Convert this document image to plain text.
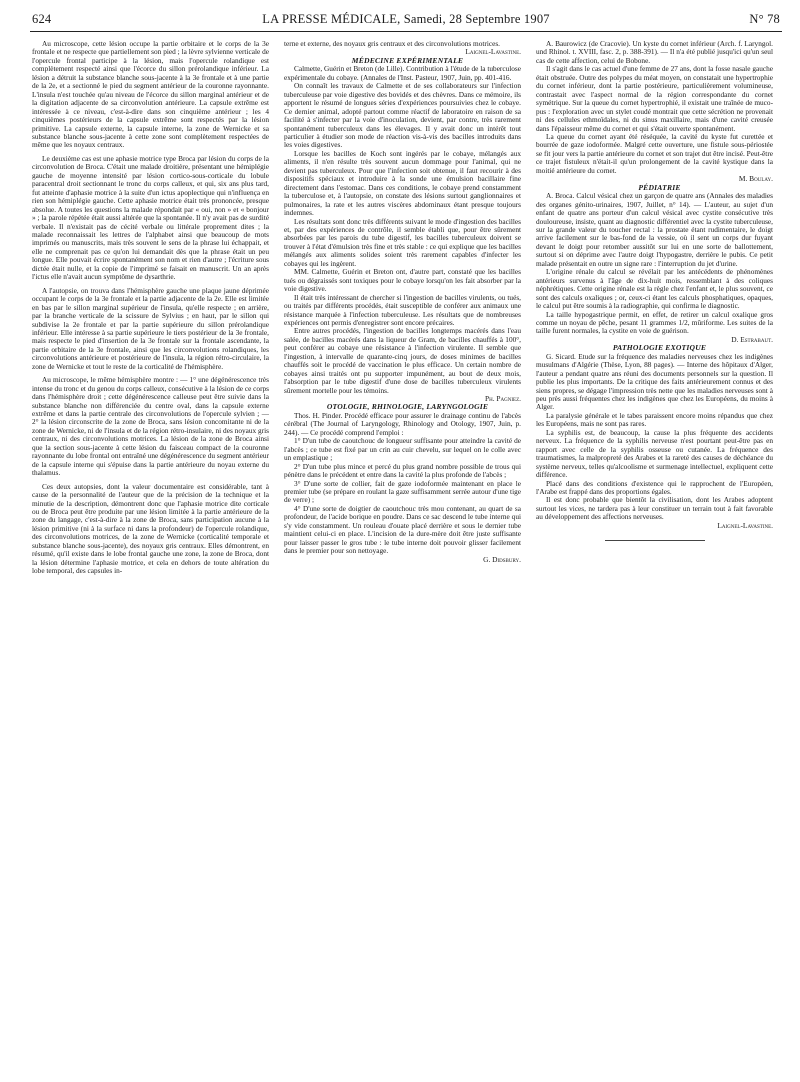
624	LA PRESSE MÉDICALE, Samedi, 28 Septembre 1907	N° 78

Au microscope, cette lésion occupe la partie orbitaire et le corps de la 3e frontale et ne respecte que partiellement son pied ; la lèvre sylvienne verticale de l'opercule frontal participe à la lésion, mais l'opercule rolandique est complètement respecté ainsi que l'écorce du sillon prérolandique inférieur. La lésion a détruit la substance blanche sous-jacente à la 3e frontale et à une partie de la 2e, et a sectionné le pied du segment antérieur de la couronne rayonnante. L'insula n'est touchée qu'au niveau de l'écorce du sillon marginal antérieur et de la digitation adjacente de sa circonvolution antérieure. La capsule extrême est intéressée à ce niveau, c'est-à-dire dans son cinquième antérieur ; les 4 cinquièmes postérieurs de la capsule extrême sont respectés par la lésion primitive. La capsule externe, la capsule interne, la zone de Wernicke et sa substance blanche sous-jacente à cette zone sont complètement respectées de même que les noyaux centraux.

Le deuxième cas est une aphasie motrice type Broca par lésion du corps de la circonvolution de Broca. C'était une malade droitière, présentant une hémiplégie gauche de moyenne intensité par lésion cortico-sous-corticale du lobule paracentral droit sectionnant le tronc du corps calleux, et qui, six ans plus tard, fut atteinte d'aphasie motrice à la suite d'un ictus apoplectique qui n'influença en rien son hémiplégie gauche. Cette aphasie motrice était très prononcée, presque absolue. A toutes les questions la malade répondait par « oui, non » et « bonjour » ; la parole répétée était aussi altérée que la spontanée. Il n'y avait pas de surdité verbale. Il n'existait pas de cécité verbale ou littérale proprement dites ; la malade reconnaissait les lettres de l'alphabet ainsi que beaucoup de mots imprimés ou manuscrits, mais très souvent le sens de la phrase lui échappait, et elle ne comprenait pas ce qu'on lui demandait dès que la phrase était un peu longue. Elle pouvait écrire spontanément son nom et rien d'autre ; l'écriture sous dictée était nulle, et la copie de l'imprimé se faisait en manuscrit. Un an après l'ictus elle n'avait aucun symptôme de dysarthrie.

A l'autopsie, on trouva dans l'hémisphère gauche une plaque jaune déprimée occupant le corps de la 3e frontale et la partie adjacente de la 2e. Elle est limitée en bas par le sillon marginal supérieur de l'insula, qu'elle respecte ; en arrière, par la branche verticale de la scissure de Sylvius ; en haut, par le sillon qui subdivise la 2e frontale et par la partie supérieure du sillon prérolandique inférieur. Elle intéresse à sa partie supérieure le tiers postérieur de la 3e frontale, mais respecte le pied d'insertion de la 3e frontale sur la frontale ascendante, la partie orbitaire de la 3e frontale, ainsi que les circonvolutions rolandiques, les circonvolutions antérieure et postérieure de l'insula, la région rétro-circulaire, la zone de Wernicke et tout le reste de la corticalité de l'hémisphère.

Au microscope, le même hémisphère montre : — 1° une dégénérescence très intense du tronc et du genou du corps calleux, consécutive à la lésion de ce corps dans l'hémisphère droit ; cette dégénérescence calleuse peut être suivie dans la substance blanche non différenciée du centre oval, dans la capsule externe extrême et dans la partie centrale des circonvolutions de l'opercule sylvien ; — 2° la lésion circonscrite de la zone de Broca, sans lésion concomitante ni de la zone de Wernicke, ni de l'insula et de la région rétro-insulaire, ni des noyaux gris centraux, ni des circonvolutions motrices. La lésion de la zone de Broca ainsi que la section sous-jacente à cette lésion du faisceau compact de la couronne rayonnante du lobe frontal ont entraîné une dégénérescence du segment antérieur de la capsule interne qui s'épuise dans la partie antérieure du noyau externe du thalamus.

Ces deux autopsies, dont la valeur documentaire est considérable, tant à cause de la personnalité de l'auteur que de la précision de la technique et la minutie de la description, démontrent donc que l'aphasie motrice dite corticale ou de Broca peut être produite par une lésion limitée à la partie antérieure de la zone du langage, c'est-à-dire à la zone de Broca, sans participation aucune à la lésion primitive (ni à la surface ni dans la profondeur) de l'opercule rolandique, des circonvolutions motrices, de la zone de Wernicke (corticalité temporale et substance blanche sous-jacente), des noyaux gris centraux. Elles démontrent, en résumé, qu'il existe dans le lobe frontal gauche une zone, la zone de Broca, dont la lésion détermine l'aphasie motrice, et cela en dehors de toute altération du lobe temporal, des capsules in-

terne et externe, des noyaux gris centraux et des circonvolutions motrices.

Laignel-Lavastine.

MÉDECINE EXPÉRIMENTALE

Calmette, Guérin et Breton (de Lille). Contribution à l'étude de la tuberculose expérimentale du cobaye. (Annales de l'Inst. Pasteur, 1907, Juin, pp. 401-416.

On connaît les travaux de Calmette et de ses collaborateurs sur l'infection tuberculeuse par voie digestive des bovidés et des chèvres. Dans ce mémoire, ils apportent le résumé de longues séries d'expériences poursuivies chez le cobaye. Ce dernier animal, adopté partout comme réactif de laboratoire en raison de sa facilité à s'infecter par la voie d'inoculation, devient, par contre, très rarement spontanément tuberculeux dans les élevages. Il y avait donc un intérêt tout particulier à étudier son mode de réaction vis-à-vis des bacilles introduits dans les voies digestives.

Lorsque les bacilles de Koch sont ingérés par le cobaye, mélangés aux aliments, il n'en résulte très souvent aucun dommage pour l'animal, qui ne devient pas tuberculeux. Pour que l'infection soit obtenue, il faut recourir à des dispositifs spéciaux et introduire à la sonde une émulsion bacillaire fine directement dans l'estomac. Dans ces conditions, le cobaye prend constamment la tuberculose et, à l'autopsie, on constate des lésions surtout ganglionnaires et pulmonaires, la rate et les autres viscères abdominaux étant presque toujours indemnes.

Les résultats sont donc très différents suivant le mode d'ingestion des bacilles et, par des expériences de contrôle, il semble établi que, pour être sûrement absorbées par les parois du tube digestif, les bacilles tuberculeux doivent se trouver à l'état d'émulsion très fine et très stable : ce qui explique que les bacilles mélangés aux aliments solides soient très rarement capables d'infecter les cobayes qui les ingèrent.

MM. Calmette, Guérin et Breton ont, d'autre part, constaté que les bacilles tués ou dégraissés sont toxiques pour le cobaye lorsqu'on les fait absorber par la voie digestive.

Il était très intéressant de chercher si l'ingestion de bacilles virulents, ou tués, ou traités par différents procédés, était susceptible de conférer aux animaux une résistance marquée à l'infection tuberculeuse. Les résultats que de nombreuses expériences ont permis d'enregistrer sont encore précaires.

Entre autres procédés, l'ingestion de bacilles longtemps macérés dans l'eau salée, de bacilles macérés dans la liqueur de Gram, de bacilles chauffés à 100°, peut conférer au cobaye une résistance à l'infection virulente. Il semble que l'ingestion, à intervalle de quarante-cinq jours, de doses minimes de bacilles chauffés soit le procédé de vaccination le plus efficace. Un certain nombre de cobayes ainsi traités ont pu supporter impunément, au bout de deux mois, l'absorption par le tube digestif d'une dose de bacilles tuberculeux virulents sûrement mortelle pour les témoins.

Ph. Pagniez.

OTOLOGIE, RHINOLOGIE, LARYNGOLOGIE

Thos. H. Pinder. Procédé efficace pour assurer le drainage continu de l'abcès cérébral (The Journal of Laryngology, Rhinology and Otology, 1907, Juin, p. 244). — Ce procédé comprend l'emploi :

1° D'un tube de caoutchouc de longueur suffisante pour atteindre la cavité de l'abcès ; ce tube est fixé par un crin au cuir chevelu, sur lequel on le colle avec un emplastique ;

2° D'un tube plus mince et percé du plus grand nombre possible de trous qui pénètre dans le précédent et entre dans la cavité la plus profonde de l'abcès ;

3° D'une sorte de collier, fait de gaze iodoformée maintenant en place le premier tube (se prépare en roulant la gaze suffisamment serrée autour d'une tige de verre) ;

4° D'une sorte de doigtier de caoutchouc très mou contenant, au quart de sa profondeur, de l'acide borique en poudre. Dans ce sac descend le tube interne qui s'y vide constamment. Un rouleau d'ouate placé derrière et sous le dernier tube maintient celui-ci en place. L'incision de la dure-mère doit être juste suffisante pour laisser passer le gros tube : le tube interne doit pouvoir glisser facilement dans le premier pour son nettoyage.

G. Didsbury.

A. Baurowicz (de Cracovie). Un kyste du cornet inférieur (Arch. f. Laryngol. und Rhinol. t. XVIII, fasc. 2, p. 388-391). — Il n'a été publié jusqu'ici qu'un seul cas de cette affection, celui de Bobone.

Il s'agit dans le cas actuel d'une femme de 27 ans, dont la fosse nasale gauche était obstruée. Outre des polypes du méat moyen, on constatait une hypertrophie du cornet inférieur, dont la partie postérieure, particulièrement volumineuse, contrastait avec l'aspect normal de la région correspondante du cornet symétrique. Sur la queue du cornet hypertrophié, il existait une traînée de muco-pus : l'exploration avec un stylet coudé montrait que cette sécrétion ne provenait ni des cellules ethmoïdales, ni du sinus maxillaire, mais d'une cavité creusée dans l'épaisseur même du cornet et qui s'était ouverte spontanément.

La queue du cornet ayant été réséquée, la cavité du kyste fut curettée et bourrée de gaze iodoformée. Malgré cette ouverture, une fistule sous-périostée se fit jour vers la partie antérieure du cornet et son trajet dut être incisé. Peut-être ce trajet fistuleux n'était-il qu'un prolongement de la cavité kystique dans la moitié antérieure du cornet.

M. Boulay.

PÉDIATRIE

A. Broca. Calcul vésical chez un garçon de quatre ans (Annales des maladies des organes génito-urinaires, 1907, Juillet, n° 14). — L'auteur, au sujet d'un enfant de quatre ans porteur d'un calcul vésical avec cystite consécutive très douloureuse, insiste, quant au diagnostic différentiel avec la cystite tuberculeuse, sur la grande valeur du toucher rectal : la prostate étant rudimentaire, le doigt arrive facilement sur le bas-fond de la vessie, où il sent un corps dur fuyant devant le doigt pour retomber aussitôt sur lui en une sorte de ballottement, surtout si on déprime avec l'autre doigt l'hypogastre, derrière le pubis. Ce petit malade présentait en outre un signe rare : l'interruption du jet d'urine.

L'origine rénale du calcul se révélait par les antécédents de phénomènes antérieurs survenus à l'âge de dix-huit mois, ressemblant à des coliques néphrétiques. Cette origine rénale est la règle chez l'enfant et, le plus souvent, ce sont des calculs oxaliques ; or, ceux-ci étant les calculs phosphatiques, opaques, le calcul put être soumis à la radiographie, qui confirma le diagnostic.

La taille hypogastrique permit, en effet, de retirer un calcul oxalique gros comme un noyau de pêche, pesant 11 grammes 1/2, mûriforme. Les suites de la taille furent normales, la cystite en voie de guérison.

D. Estrabaut.

PATHOLOGIE EXOTIQUE

G. Sicard. Etude sur la fréquence des maladies nerveuses chez les indigènes musulmans d'Algérie (Thèse, Lyon, 88 pages). — Interne des hôpitaux d'Alger, l'auteur a pendant quatre ans réuni des documents personnels sur la question. Il publie les plus importants. De la critique des faits antérieurement connus et des siens propres, se dégage l'impression très nette que les maladies nerveuses sont à peu près aussi fréquentes chez les indigènes que chez les Européens, du moins à Alger.

La paralysie générale et le tabes paraissent encore moins répandus que chez les Européens, mais ne sont pas rares.

La syphilis est, de beaucoup, la cause la plus fréquente des accidents nerveux. La fréquence de la syphilis nerveuse n'est pourtant peut-être pas en rapport avec celle de la syphilis osseuse ou cutanée. La fréquence des traumatismes, la malpropreté des Arabes et la rareté des causes de déchéance du système nerveux, telles qu'alcoolisme et surmenage intellectuel, expliquent cette différence.

Placé dans des conditions d'existence qui le rapprochent de l'Européen, l'Arabe est frappé dans des proportions égales.

Il est donc probable que bientôt la civilisation, dont les Arabes adoptent surtout les vices, ne tardera pas à leur constituer un terrain tout à fait favorable au développement des affections nerveuses.

Laignel-Lavastine.
